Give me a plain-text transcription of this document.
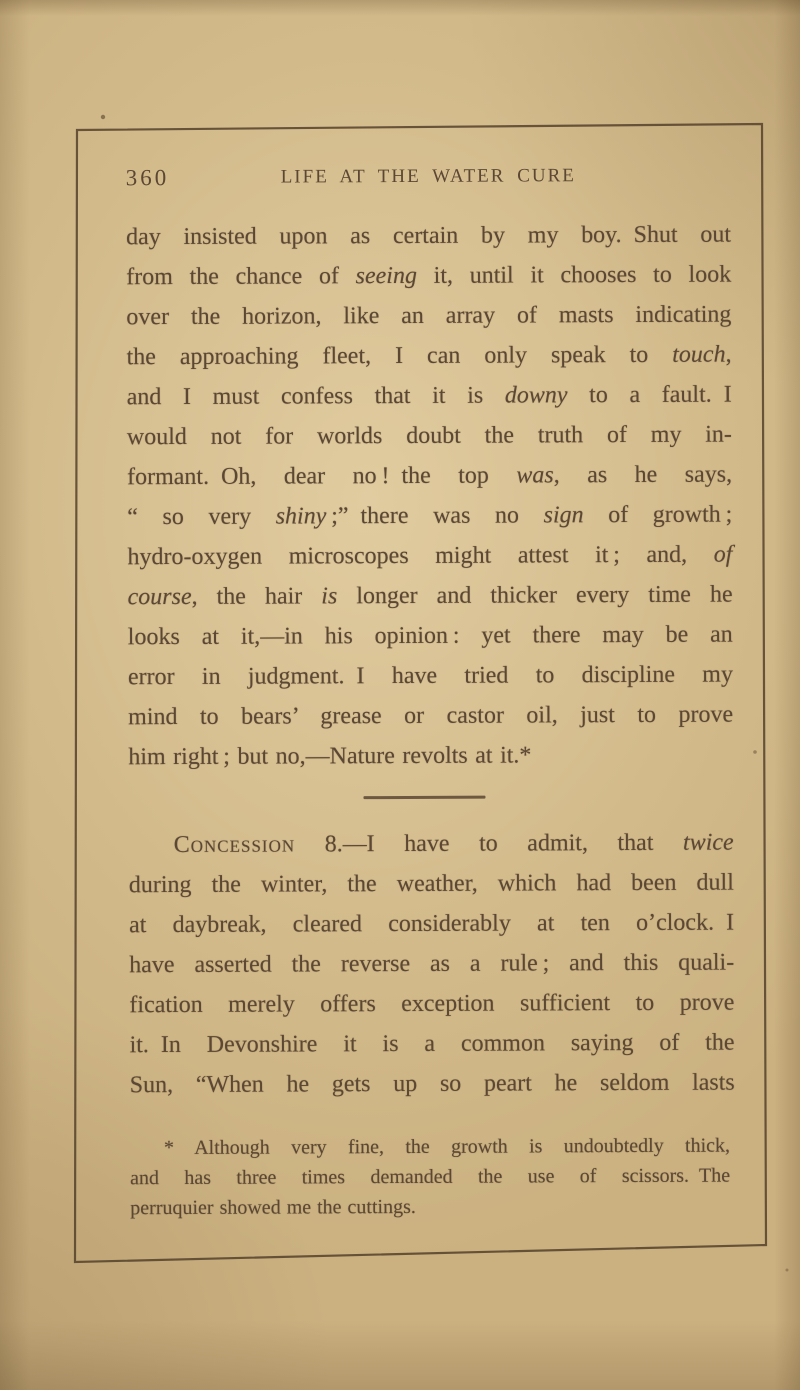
360	LIFE AT THE WATER CURE
day insisted upon as certain by my boy. Shut out
from the chance of seeing it, until it chooses to look
over the horizon, like an array of masts indicating
the approaching fleet, I can only speak to touch,
and I must confess that it is downy to a fault. I
would not for worlds doubt the truth of my in-
formant. Oh, dear no ! the top was, as he says,
“ so very shiny ;” there was no sign of growth ;
hydro-oxygen microscopes might attest it ; and, of
course, the hair is longer and thicker every time he
looks at it,—in his opinion : yet there may be an
error in judgment. I have tried to discipline my
mind to bears’ grease or castor oil, just to prove
him right ; but no,—Nature revolts at it.*
Concession 8.—I have to admit, that twice
during the winter, the weather, which had been dull
at daybreak, cleared considerably at ten o’clock. I
have asserted the reverse as a rule ; and this quali-
fication merely offers exception sufficient to prove
it. In Devonshire it is a common saying of the
Sun, “When he gets up so peart he seldom lasts
* Although very fine, the growth is undoubtedly thick,
and has three times demanded the use of scissors. The
perruquier showed me the cuttings.
